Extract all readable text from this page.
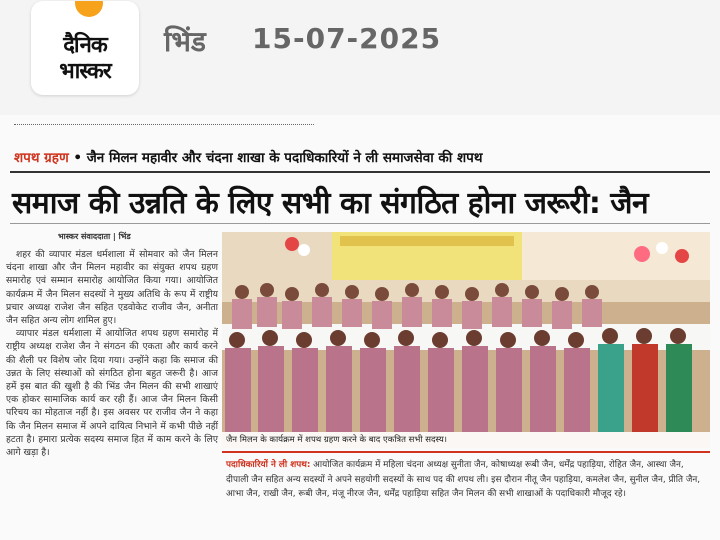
दैनिक
भास्कर
भिंड 15-07-2025
शपथ ग्रहण • जैन मिलन महावीर और चंदना शाखा के पदाधिकारियों ने ली समाजसेवा की शपथ
समाज की उन्नति के लिए सभी का संगठित होना जरूरी: जैन
भास्कर संवाददाता | भिंड

शहर की व्यापार मंडल धर्मशाला में सोमवार को जैन मिलन चंदना शाखा और जैन मिलन महावीर का संयुक्त शपथ ग्रहण समारोह एवं सम्मान समारोह आयोजित किया गया। आयोजित कार्यक्रम में जैन मिलन सदस्यों ने मुख्य अतिथि के रूप में राष्ट्रीय प्रचार अध्यक्ष राजेश जैन सहित एडवोकेट राजीव जैन, अनीता जैन सहित अन्य लोग शामिल हुए।

व्यापार मंडल धर्मशाला में आयोजित शपथ ग्रहण समारोह में राष्ट्रीय अध्यक्ष राजेश जैन ने संगठन की एकता और कार्य करने की शैली पर विशेष जोर दिया गया। उन्होंने कहा कि समाज की उन्नत के लिए संस्थाओं को संगठित होना बहुत जरूरी है। आज हमें इस बात की खुशी है की भिंड जैन मिलन की सभी शाखाएं एक होकर सामाजिक कार्य कर रही हैं। आज जैन मिलन किसी परिचय का मोहताज नहीं है। इस अवसर पर राजीव जैन ने कहा कि जैन मिलन समाज में अपने दायित्व निभाने में कभी पीछे नहीं हटता है। हमारा प्रत्येक सदस्य समाज हित में काम करने के लिए आगे खड़ा है।

जैन मिलन के कार्यक्रम में शपथ ग्रहण करने के बाद एकत्रित सभी सदस्य।
पदाधिकारियों ने ली शपथ: आयोजित कार्यक्रम में महिला चंदना अध्यक्ष सुनीता जैन, कोषाध्यक्ष रूबी जैन, धर्मेंद्र पहाड़िया, रोहित जैन, आस्था जैन, दीपाली जैन सहित अन्य सदस्यों ने अपने सहयोगी सदस्यों के साथ पद की शपथ ली। इस दौरान नीतू जैन पहाड़िया, कमलेश जैन, सुनील जैन, प्रीति जैन, आभा जैन, राखी जैन, रूबी जैन, मंजू नीरज जैन, धर्मेंद्र पहाड़िया सहित जैन मिलन की सभी शाखाओं के पदाधिकारी मौजूद रहे।
